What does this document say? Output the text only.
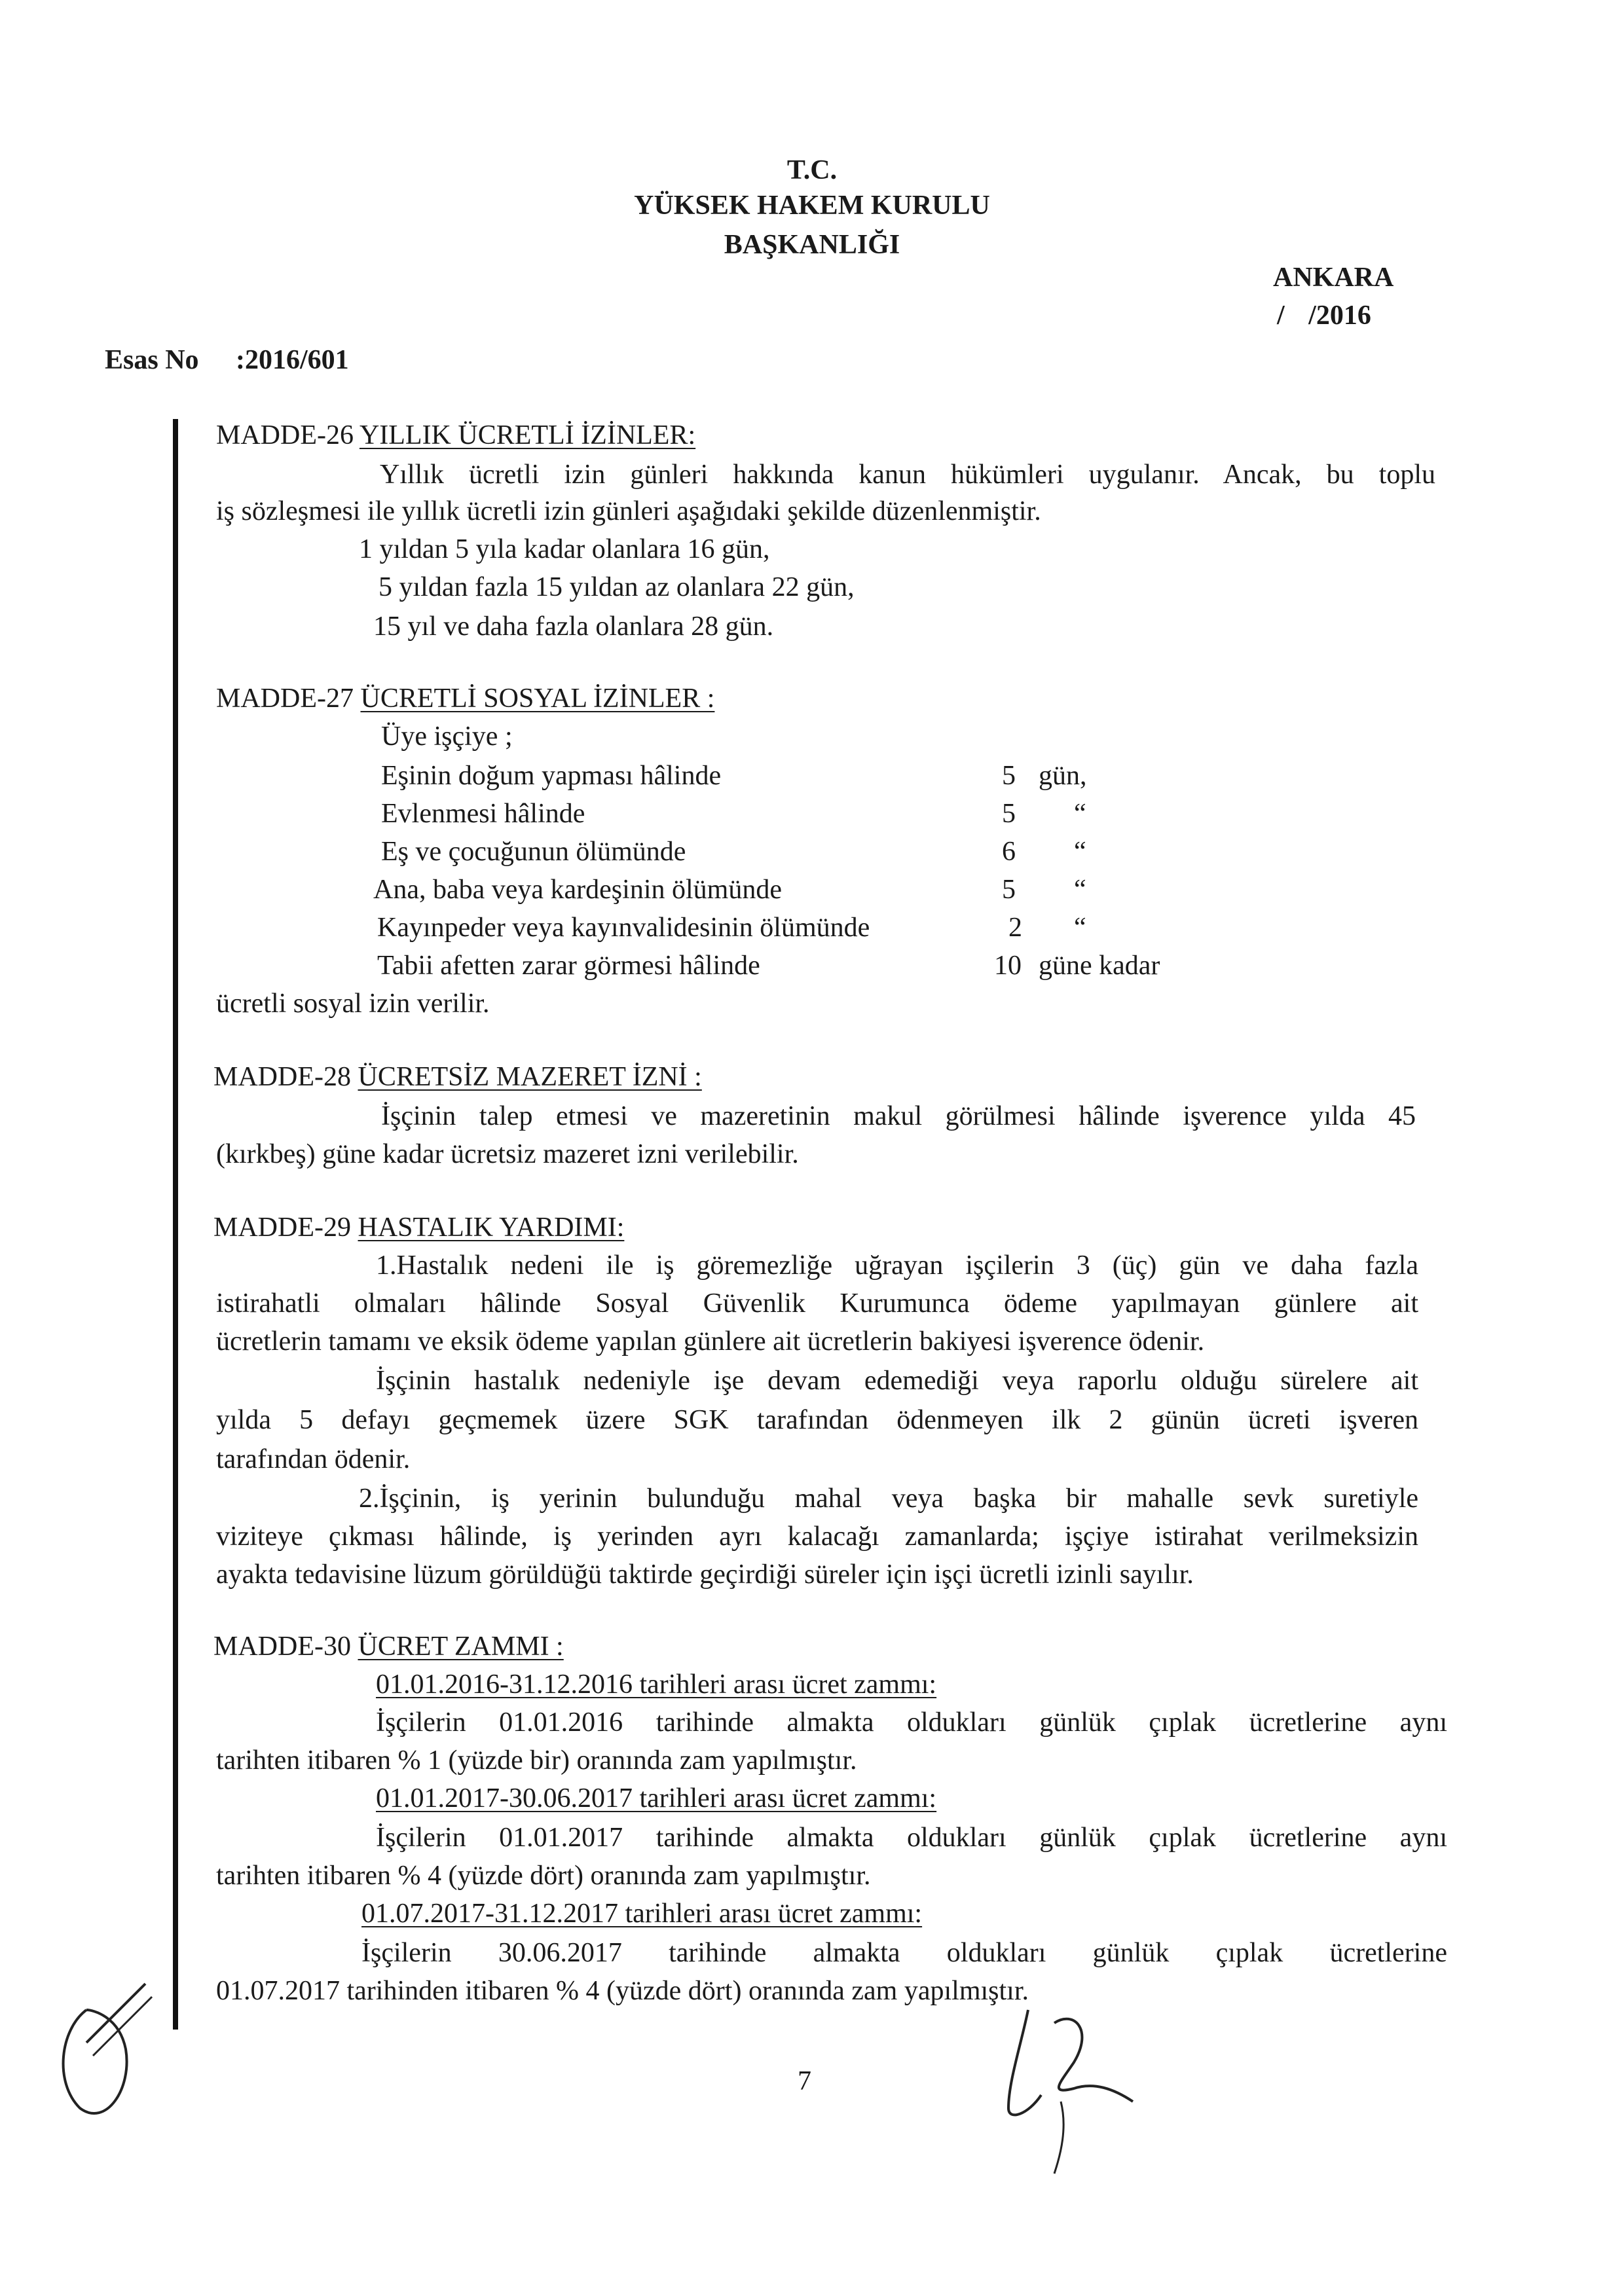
T.C.
YÜKSEK HAKEM KURULU
BAŞKANLIĞI
ANKARA
/ /2016
Esas No :2016/601
MADDE-26 YILLIK ÜCRETLİ İZİNLER:
Yıllık ücretli izin günleri hakkında kanun hükümleri uygulanır. Ancak, bu toplu
iş sözleşmesi ile yıllık ücretli izin günleri aşağıdaki şekilde düzenlenmiştir.
1 yıldan 5 yıla kadar olanlara 16 gün,
5 yıldan fazla 15 yıldan az olanlara 22 gün,
15 yıl ve daha fazla olanlara 28 gün.
MADDE-27 ÜCRETLİ SOSYAL İZİNLER :
Üye işçiye ;
Eşinin doğum yapması hâlinde	5 gün,
Evlenmesi hâlinde	5 “
Eş ve çocuğunun ölümünde	6 “
Ana, baba veya kardeşinin ölümünde	5 “
Kayınpeder veya kayınvalidesinin ölümünde	2 “
Tabii afetten zarar görmesi hâlinde	10 güne kadar
ücretli sosyal izin verilir.
MADDE-28 ÜCRETSİZ MAZERET İZNİ :
İşçinin talep etmesi ve mazeretinin makul görülmesi hâlinde işverence yılda 45
(kırkbeş) güne kadar ücretsiz mazeret izni verilebilir.
MADDE-29 HASTALIK YARDIMI:
1.Hastalık nedeni ile iş göremezliğe uğrayan işçilerin 3 (üç) gün ve daha fazla
istirahatli olmaları hâlinde Sosyal Güvenlik Kurumunca ödeme yapılmayan günlere ait
ücretlerin tamamı ve eksik ödeme yapılan günlere ait ücretlerin bakiyesi işverence ödenir.
İşçinin hastalık nedeniyle işe devam edemediği veya raporlu olduğu sürelere ait
yılda 5 defayı geçmemek üzere SGK tarafından ödenmeyen ilk 2 günün ücreti işveren
tarafından ödenir.
2.İşçinin, iş yerinin bulunduğu mahal veya başka bir mahalle sevk suretiyle
viziteye çıkması hâlinde, iş yerinden ayrı kalacağı zamanlarda; işçiye istirahat verilmeksizin
ayakta tedavisine lüzum görüldüğü taktirde geçirdiği süreler için işçi ücretli izinli sayılır.
MADDE-30 ÜCRET ZAMMI :
01.01.2016-31.12.2016 tarihleri arası ücret zammı:
İşçilerin 01.01.2016 tarihinde almakta oldukları günlük çıplak ücretlerine aynı
tarihten itibaren % 1 (yüzde bir) oranında zam yapılmıştır.
01.01.2017-30.06.2017 tarihleri arası ücret zammı:
İşçilerin 01.01.2017 tarihinde almakta oldukları günlük çıplak ücretlerine aynı
tarihten itibaren % 4 (yüzde dört) oranında zam yapılmıştır.
01.07.2017-31.12.2017 tarihleri arası ücret zammı:
İşçilerin 30.06.2017 tarihinde almakta oldukları günlük çıplak ücretlerine
01.07.2017 tarihinden itibaren % 4 (yüzde dört) oranında zam yapılmıştır.
7
